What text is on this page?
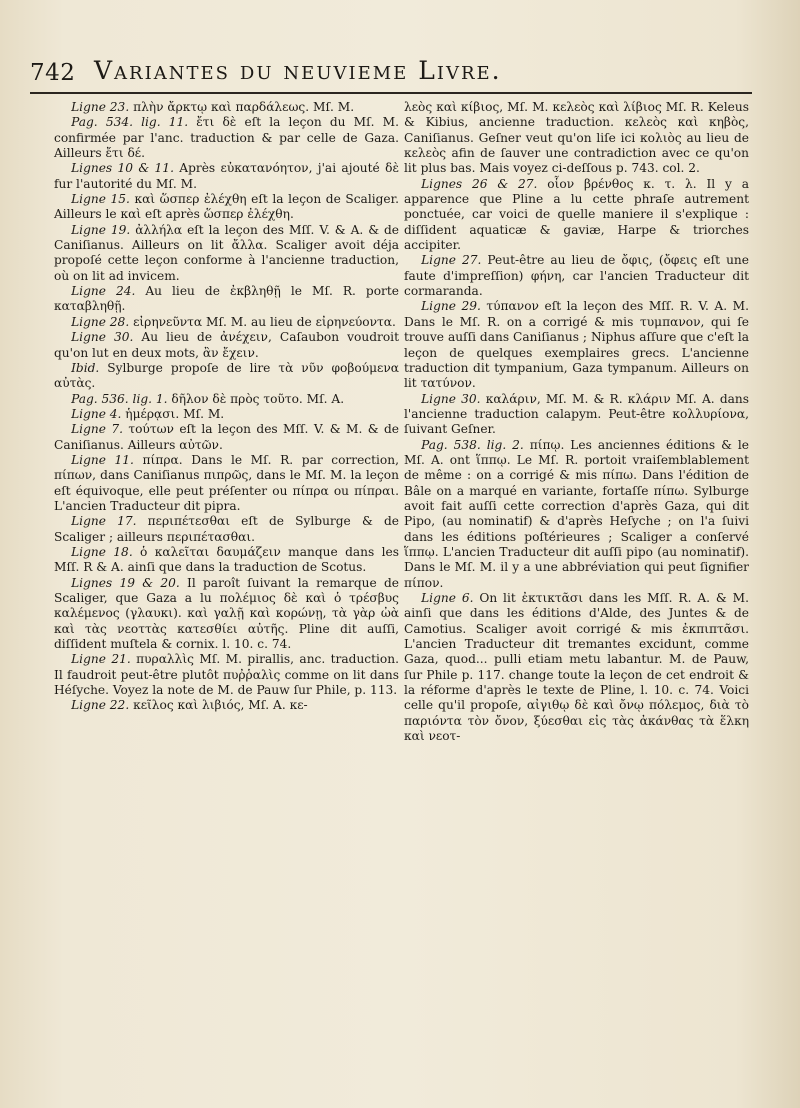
742 Variantes du neuvieme Livre.

Ligne 23. πλὴν ἄρκτῳ καὶ παρδάλεως. Mſ. M.

Pag. 534. lig. 11. ἔτι δὲ eſt la leçon du Mſ. M. confirmée par l'anc. traduction & par celle de Gaza. Ailleurs ἔτι δέ.

Lignes 10 & 11. Après εὐκατανόητον, j'ai ajouté δὲ fur l'autorité du Mſ. M.

Ligne 15. καὶ ὥσπερ ἐλέχθη eſt la leçon de Scaliger. Ailleurs le καὶ eſt après ὥσπερ ἐλέχθη.

Ligne 19. ἀλλήλα eſt la leçon des Mſſ. V. & A. & de Caniſianus. Ailleurs on lit ἄλλα. Scaliger avoit déja propoſé cette leçon conforme à l'ancienne traduction, où on lit ad invicem.

Ligne 24. Au lieu de ἐκβληθῇ le Mſ. R. porte καταβληθῇ.

Ligne 28. εἰρηνεῦντα Mſ. M. au lieu de εἰρηνεύοντα.

Ligne 30. Au lieu de ἀνέχειν, Caſaubon voudroit qu'on lut en deux mots, ἂν ἔχειν.

Ibid. Sylburge propoſe de lire τὰ νῦν φοβούμενα αὐτὰς.

Pag. 536. lig. 1. δῆλον δὲ πρὸς τοῦτο. Mſ. A.

Ligne 4. ἡμέρᾳσι. Mſ. M.

Ligne 7. τούτων eſt la leçon des Mſſ. V. & M. & de Caniſianus. Ailleurs αὐτῶν.

Ligne 11. πίπρα. Dans le Mſ. R. par correction, πίπων, dans Caniſianus πιπρῶς, dans le Mſ. M. la leçon eſt équivoque, elle peut préſenter ou πίπρα ou πίπραι. L'ancien Traducteur dit pipra.

Ligne 17. περιπέτεσθαι eſt de Sylburge & de Scaliger ; ailleurs περιπέτασθαι.

Ligne 18. ὁ καλεῖται δαυμάζειν manque dans les Mſſ. R & A. ainſi que dans la traduction de Scotus.

Lignes 19 & 20. Il paroît ſuivant la remarque de Scaliger, que Gaza a lu πολέμιος δὲ καὶ ὁ τρέσβυς καλέμενος (γλαυκι). καὶ γαλῇ καὶ κορώνῃ, τὰ γὰρ ὠὰ καὶ τὰς νεοττὰς κατεσθίει αὐτῆς. Pline dit auſſi, diſſident muſtela & cornix. l. 10. c. 74.

Ligne 21. πυραλλὶς Mſ. M. pirallis, anc. traduction. Il faudroit peut-être plutôt πυῤῥαλὶς comme on lit dans Héſyche. Voyez la note de M. de Pauw ſur Phile, p. 113.

Ligne 22. κεῖλος καὶ λιβιός, Mſ. A. κε-

λεὸς καὶ κίβιος, Mſ. M. κελεὸς καὶ λίβιος Mſ. R. Keleus & Kibius, ancienne traduction. κελεὸς καὶ κηβὸς, Caniſianus. Geſner veut qu'on liſe ici κολιὸς au lieu de κελεὸς afin de ſauver une contradiction avec ce qu'on lit plus bas. Mais voyez ci-deſſous p. 743. col. 2.

Lignes 26 & 27. οἷον βρένθος κ. τ. λ. Il y a apparence que Pline a lu cette phraſe autrement ponctuée, car voici de quelle maniere il s'explique : diſſident aquaticæ & gaviæ, Harpe & triorches accipiter.

Ligne 27. Peut-être au lieu de ὄφις, (ὄφεις eſt une faute d'impreſſion) φήνη, car l'ancien Traducteur dit cormaranda.

Ligne 29. τύπανον eſt la leçon des Mſſ. R. V. A. M. Dans le Mſ. R. on a corrigé & mis τυμπανον, qui ſe trouve auſſi dans Caniſianus ; Niphus aſſure que c'eſt la leçon de quelques exemplaires grecs. L'ancienne traduction dit tympanium, Gaza tympanum. Ailleurs on lit τατύνον.

Ligne 30. καλάριν, Mſ. M. & R. κλάριν Mſ. A. dans l'ancienne traduction calapym. Peut-être κολλυρίονα, ſuivant Geſner.

Pag. 538. lig. 2. πίπῳ. Les anciennes éditions & le Mſ. A. ont ἵππῳ. Le Mſ. R. portoit vraiſemblablement de même : on a corrigé & mis πίπω. Dans l'édition de Bâle on a marqué en variante, fortaſſe πίπω. Sylburge avoit fait auſſi cette correction d'après Gaza, qui dit Pipo, (au nominatif) & d'après Heſyche ; on l'a ſuivi dans les éditions poſtérieures ; Scaliger a conſervé ἵππῳ. L'ancien Traducteur dit auſſi pipo (au nominatif). Dans le Mſ. M. il y a une abbréviation qui peut ſignifier πίπον.

Ligne 6. On lit ἐκτικτᾶσι dans les Mſſ. R. A. & M. ainſi que dans les éditions d'Alde, des Juntes & de Camotius. Scaliger avoit corrigé & mis ἐκπιπτᾶσι. L'ancien Traducteur dit tremantes excidunt, comme Gaza, quod... pulli etiam metu labantur. M. de Pauw, ſur Phile p. 117. change toute la leçon de cet endroit & la réforme d'après le texte de Pline, l. 10. c. 74. Voici celle qu'il propoſe, αἰγιθῳ δὲ καὶ ὄνῳ πόλεμος, διὰ τὸ παριόντα τὸν ὄνον, ξύεσθαι εἰς τὰς ἀκάνθας τὰ ἕλκη καὶ νεοτ-
